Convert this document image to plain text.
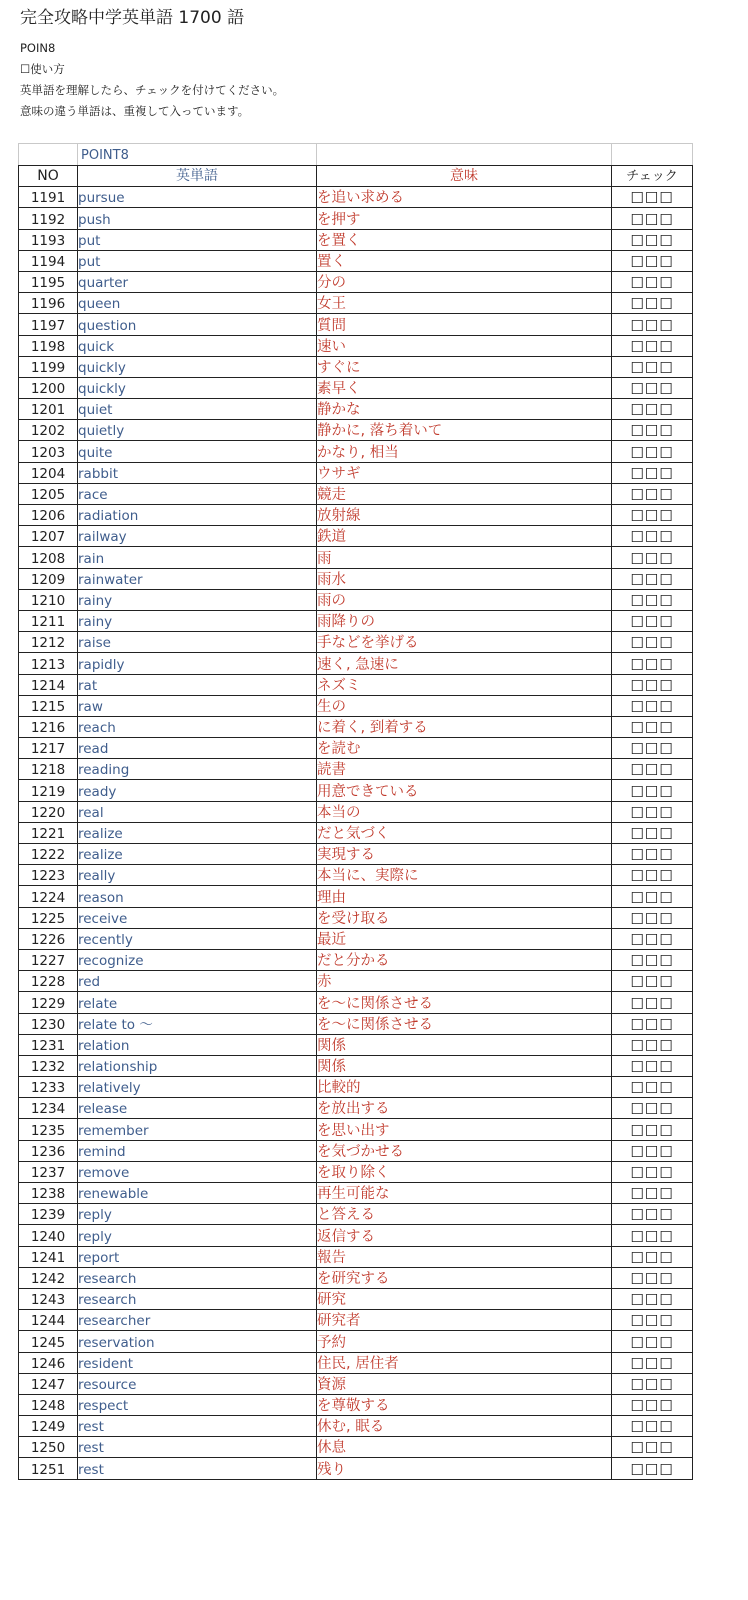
完全攻略中学英単語 1700 語
POIN8
☐使い方
英単語を理解したら、チェックを付けてください。
意味の違う単語は、重複して入っています。
	POINT8		
NO	英単語	意味	チェック
1191	pursue	を追い求める	☐☐☐
1192	push	を押す	☐☐☐
1193	put	を置く	☐☐☐
1194	put	置く	☐☐☐
1195	quarter	分の	☐☐☐
1196	queen	女王	☐☐☐
1197	question	質問	☐☐☐
1198	quick	速い	☐☐☐
1199	quickly	すぐに	☐☐☐
1200	quickly	素早く	☐☐☐
1201	quiet	静かな	☐☐☐
1202	quietly	静かに, 落ち着いて	☐☐☐
1203	quite	かなり, 相当	☐☐☐
1204	rabbit	ウサギ	☐☐☐
1205	race	競走	☐☐☐
1206	radiation	放射線	☐☐☐
1207	railway	鉄道	☐☐☐
1208	rain	雨	☐☐☐
1209	rainwater	雨水	☐☐☐
1210	rainy	雨の	☐☐☐
1211	rainy	雨降りの	☐☐☐
1212	raise	手などを挙げる	☐☐☐
1213	rapidly	速く, 急速に	☐☐☐
1214	rat	ネズミ	☐☐☐
1215	raw	生の	☐☐☐
1216	reach	に着く, 到着する	☐☐☐
1217	read	を読む	☐☐☐
1218	reading	読書	☐☐☐
1219	ready	用意できている	☐☐☐
1220	real	本当の	☐☐☐
1221	realize	だと気づく	☐☐☐
1222	realize	実現する	☐☐☐
1223	really	本当に、実際に	☐☐☐
1224	reason	理由	☐☐☐
1225	receive	を受け取る	☐☐☐
1226	recently	最近	☐☐☐
1227	recognize	だと分かる	☐☐☐
1228	red	赤	☐☐☐
1229	relate	を〜に関係させる	☐☐☐
1230	relate to 〜	を〜に関係させる	☐☐☐
1231	relation	関係	☐☐☐
1232	relationship	関係	☐☐☐
1233	relatively	比較的	☐☐☐
1234	release	を放出する	☐☐☐
1235	remember	を思い出す	☐☐☐
1236	remind	を気づかせる	☐☐☐
1237	remove	を取り除く	☐☐☐
1238	renewable	再生可能な	☐☐☐
1239	reply	と答える	☐☐☐
1240	reply	返信する	☐☐☐
1241	report	報告	☐☐☐
1242	research	を研究する	☐☐☐
1243	research	研究	☐☐☐
1244	researcher	研究者	☐☐☐
1245	reservation	予約	☐☐☐
1246	resident	住民, 居住者	☐☐☐
1247	resource	資源	☐☐☐
1248	respect	を尊敬する	☐☐☐
1249	rest	休む, 眠る	☐☐☐
1250	rest	休息	☐☐☐
1251	rest	残り	☐☐☐
